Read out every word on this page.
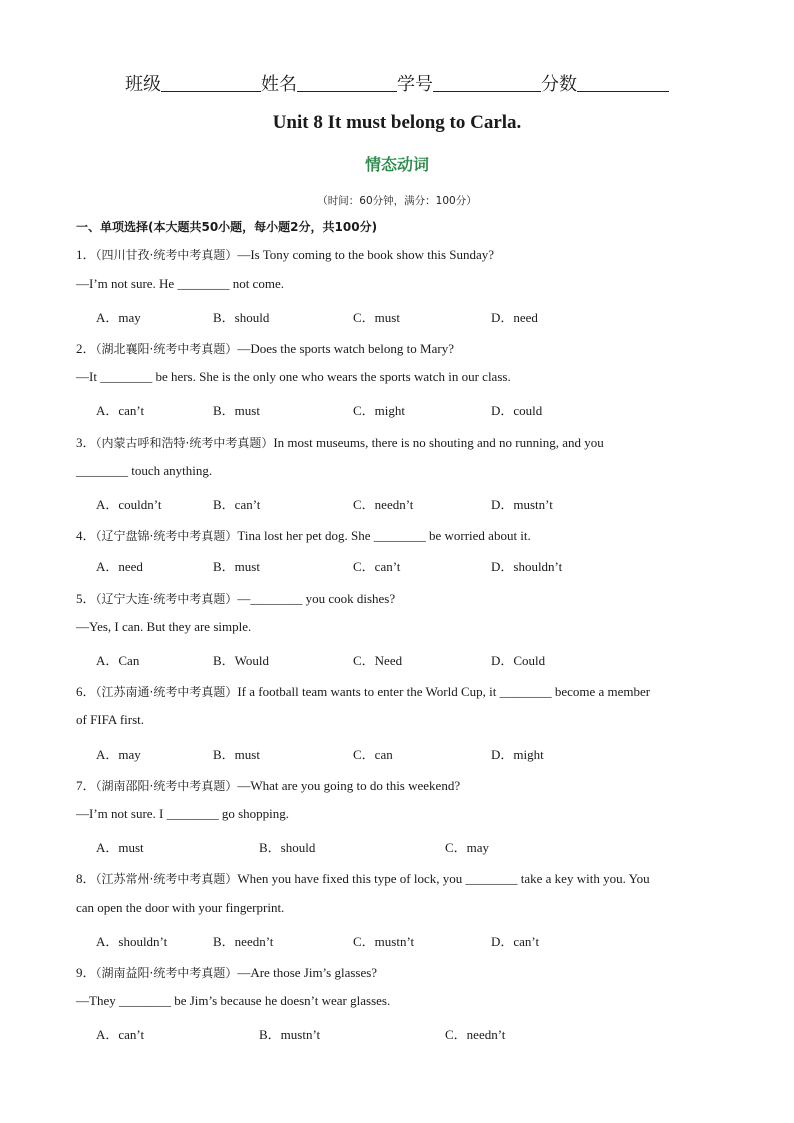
班级	姓名	学号	分数
Unit 8 It must belong to Carla.
情态动词
（时间：60分钟，满分：100分）
一、单项选择(本大题共50小题，每小题2分，共100分)
1．（四川甘孜·统考中考真题）—Is Tony coming to the book show this Sunday?
—I’m not sure. He ________ not come.
A．may	B．should	C．must	D．need
2．（湖北襄阳·统考中考真题）—Does the sports watch belong to Mary?
—It ________ be hers. She is the only one who wears the sports watch in our class.
A．can’t	B．must	C．might	D．could
3．（内蒙古呼和浩特·统考中考真题）In most museums, there is no shouting and no running, and you
________ touch anything.
A．couldn’t	B．can’t	C．needn’t	D．mustn’t
4．（辽宁盘锦·统考中考真题）Tina lost her pet dog. She ________ be worried about it.
A．need	B．must	C．can’t	D．shouldn’t
5．（辽宁大连·统考中考真题）—________ you cook dishes?
—Yes, I can. But they are simple.
A．Can	B．Would	C．Need	D．Could
6．（江苏南通·统考中考真题）If a football team wants to enter the World Cup, it ________ become a member
of FIFA first.
A．may	B．must	C．can	D．might
7．（湖南邵阳·统考中考真题）—What are you going to do this weekend?
—I’m not sure. I ________ go shopping.
A．must	B．should	C．may
8．（江苏常州·统考中考真题）When you have fixed this type of lock, you ________ take a key with you. You
can open the door with your fingerprint.
A．shouldn’t	B．needn’t	C．mustn’t	D．can’t
9．（湖南益阳·统考中考真题）—Are those Jim’s glasses?
—They ________ be Jim’s because he doesn’t wear glasses.
A．can’t	B．mustn’t	C．needn’t
